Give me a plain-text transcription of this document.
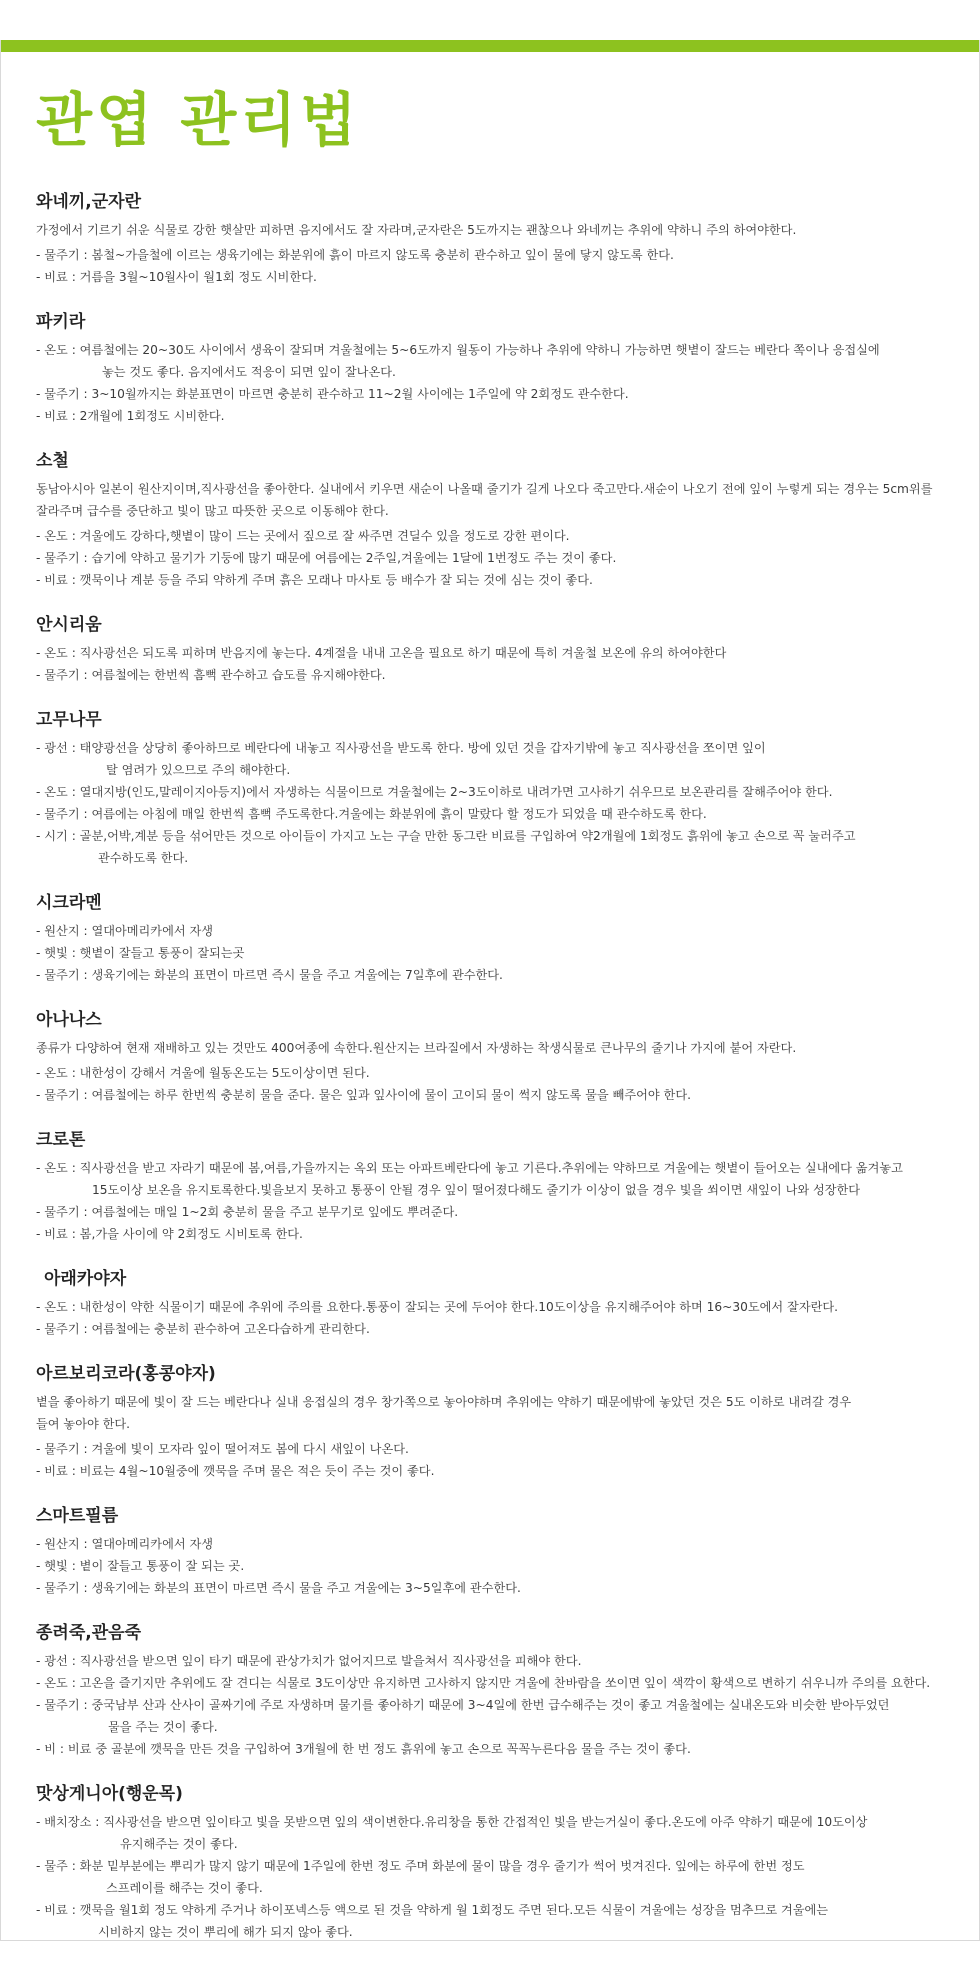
관엽 관리법
와네끼,군자란

가정에서 기르기 쉬운 식물로 강한 햇살만 피하면 음지에서도 잘 자라며,군자란은 5도까지는 괜찮으나 와네끼는 추위에 약하니 주의 하여야한다.

- 물주기 : 봄철~가을철에 이르는 생육기에는 화분위에 흙이 마르지 않도록 충분히 관수하고 잎이 물에 닿지 않도록 한다.

- 비료 : 거름을 3월~10월사이 월1회 정도 시비한다.

파키라

- 온도 : 여름철에는 20~30도 사이에서 생육이 잘되며 겨울철에는 5~6도까지 월동이 가능하나 추위에 약하니 가능하면 햇볕이 잘드는 베란다 쪽이나 응접실에

놓는 것도 좋다. 음지에서도 적응이 되면 잎이 잘나온다.

- 물주기 : 3~10월까지는 화분표면이 마르면 충분히 관수하고 11~2월 사이에는 1주일에 약 2회정도 관수한다.

- 비료 : 2개월에 1회정도 시비한다.

소철

동남아시아 일본이 원산지이며,직사광선을 좋아한다. 실내에서 키우면 새순이 나올때 줄기가 길게 나오다 죽고만다.새순이 나오기 전에 잎이 누렇게 되는 경우는 5cm위를

잘라주며 급수를 중단하고 빛이 많고 따뜻한 곳으로 이동해야 한다.

- 온도 : 겨울에도 강하다,햇볕이 많이 드는 곳에서 짚으로 잘 싸주면 견딜수 있을 정도로 강한 편이다.

- 물주기 : 습기에 약하고 물기가 기둥에 많기 때문에 여름에는 2주일,겨울에는 1달에 1번정도 주는 것이 좋다.

- 비료 : 깻묵이나 계분 등을 주되 약하게 주며 흙은 모래나 마사토 등 배수가 잘 되는 것에 심는 것이 좋다.

안시리움

- 온도 : 직사광선은 되도록 피하며 반음지에 놓는다. 4계절을 내내 고온을 필요로 하기 때문에 특히 겨울철 보온에 유의 하여야한다

- 물주기 : 여름철에는 한번씩 흠뻑 관수하고 습도를 유지해야한다.

고무나무

- 광선 : 태양광선을 상당히 좋아하므로 베란다에 내놓고 직사광선을 받도록 한다. 방에 있던 것을 갑자기밖에 놓고 직사광선을 쪼이면 잎이

탈 염려가 있으므로 주의 해야한다.

- 온도 : 열대지방(인도,말레이지아등지)에서 자생하는 식물이므로 겨울철에는 2~3도이하로 내려가면 고사하기 쉬우므로 보온관리를 잘해주어야 한다.

- 물주기 : 여름에는 아침에 매일 한번씩 흠뻑 주도록한다.겨울에는 화분위에 흙이 말랐다 할 정도가 되었을 때 관수하도록 한다.

- 시기 : 골분,어박,계분 등을 섞어만든 것으로 아이들이 가지고 노는 구슬 만한 동그란 비료를 구입하여 약2개월에 1회정도 흙위에 놓고 손으로 꼭 눌러주고

관수하도록 한다.

시크라멘

- 원산지 : 열대아메리카에서 자생

- 햇빛 : 햇볕이 잘들고 통풍이 잘되는곳

- 물주기 : 생육기에는 화분의 표면이 마르면 즉시 물을 주고 겨울에는 7일후에 관수한다.

아나나스

종류가 다양하여 현재 재배하고 있는 것만도 400여종에 속한다.원산지는 브라질에서 자생하는 착생식물로 큰나무의 줄기나 가지에 붙어 자란다.

- 온도 : 내한성이 강해서 겨울에 월동온도는 5도이상이면 된다.

- 물주기 : 여름철에는 하루 한번씩 충분히 물을 준다. 물은 잎과 잎사이에 물이 고이되 물이 썩지 않도록 물을 빼주어야 한다.

크로톤

- 온도 : 직사광선을 받고 자라기 때문에 봄,여름,가을까지는 옥외 또는 아파트베란다에 놓고 기른다.추위에는 약하므로 겨울에는 햇볕이 들어오는 실내에다 옮겨놓고

15도이상 보온을 유지토록한다.빛을보지 못하고 통풍이 안될 경우 잎이 떨어졌다해도 줄기가 이상이 없을 경우 빛을 쐬이면 새잎이 나와 성장한다

- 물주기 : 여름철에는 매일 1~2회 충분히 물을 주고 분무기로 잎에도 뿌려준다.

- 비료 : 봄,가을 사이에 약 2회정도 시비토록 한다.

아래카야자

- 온도 : 내한성이 약한 식물이기 때문에 추위에 주의를 요한다.통풍이 잘되는 곳에 두어야 한다.10도이상을 유지해주어야 하며 16~30도에서 잘자란다.

- 물주기 : 여름철에는 충분히 관수하여 고온다습하게 관리한다.

아르보리코라(홍콩야자)

볕을 좋아하기 때문에 빛이 잘 드는 베란다나 실내 응접실의 경우 창가쪽으로 놓아야하며 추위에는 약하기 때문에밖에 놓았던 것은 5도 이하로 내려갈 경우

들여 놓아야 한다.

- 물주기 : 겨울에 빛이 모자라 잎이 떨어져도 봄에 다시 새잎이 나온다.

- 비료 : 비료는 4월~10월중에 깻묵을 주며 물은 적은 듯이 주는 것이 좋다.

스마트필름

- 원산지 : 열대아메리카에서 자생

- 햇빛 : 볕이 잘들고 통풍이 잘 되는 곳.

- 물주기 : 생육기에는 화분의 표면이 마르면 즉시 물을 주고 겨울에는 3~5일후에 관수한다.

종려죽,관음죽

- 광선 : 직사광선을 받으면 잎이 타기 때문에 관상가치가 없어지므로 발을쳐서 직사광선을 피해야 한다.

- 온도 : 고온을 즐기지만 추위에도 잘 견디는 식물로 3도이상만 유지하면 고사하지 않지만 겨울에 찬바람을 쏘이면 잎이 색깍이 황색으로 변하기 쉬우니까 주의를 요한다.

- 물주기 : 중국남부 산과 산사이 골짜기에 주로 자생하며 물기를 좋아하기 때문에 3~4일에 한번 급수해주는 것이 좋고 겨울철에는 실내온도와 비슷한 받아두었던

물을 주는 것이 좋다.

- 비 : 비료 중 골분에 깻묵을 만든 것을 구입하여 3개월에 한 번 정도 흙위에 놓고 손으로 꼭꼭누른다음 물을 주는 것이 좋다.

맛상게니아(행운목)

- 배치장소 : 직사광선을 받으면 잎이타고 빛을 못받으면 잎의 색이변한다.유리창을 통한 간접적인 빛을 받는거실이 좋다.온도에 아주 약하기 때문에 10도이상

유지해주는 것이 좋다.

- 물주 : 화분 밑부분에는 뿌리가 많지 않기 때문에 1주일에 한번 정도 주며 화분에 물이 많을 경우 줄기가 썩어 벗겨진다. 잎에는 하루에 한번 정도

스프레이를 해주는 것이 좋다.

- 비료 : 깻묵을 월1회 정도 약하게 주거나 하이포넥스등 액으로 된 것을 약하게 월 1회정도 주면 된다.모든 식물이 겨울에는 성장을 멈추므로 겨울에는

시비하지 않는 것이 뿌리에 해가 되지 않아 좋다.
